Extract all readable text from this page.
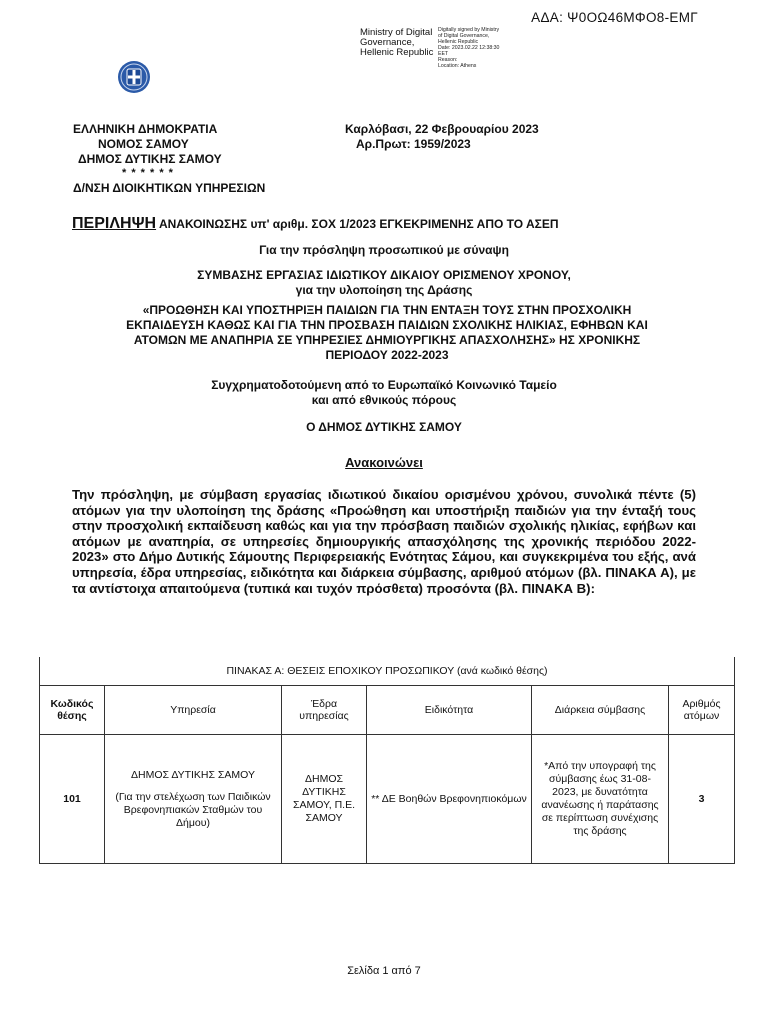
ΑΔΑ: Ψ0ΟΩ46ΜΦΟ8-ΕΜΓ
Ministry of Digital
Governance,
Hellenic Republic
Digitally signed by Ministry
of Digital Governance,
Hellenic Republic
Date: 2023.02.22 12:38:30
EET
Reason:
Location: Athens
ΕΛΛΗΝΙΚΗ ΔΗΜΟΚΡΑΤΙΑ
ΝΟΜΟΣ ΣΑΜΟΥ
ΔΗΜΟΣ ΔΥΤΙΚΗΣ ΣΑΜΟΥ
* * * * * *
Δ/ΝΣΗ ΔΙΟΙΚΗΤΙΚΩΝ ΥΠΗΡΕΣΙΩΝ
Καρλόβασι, 22 Φεβρουαρίου 2023
Αρ.Πρωτ: 1959/2023
ΠΕΡΙΛΗΨΗ ΑΝΑΚΟΙΝΩΣΗΣ υπ' αριθμ. ΣΟΧ 1/2023 ΕΓΚΕΚΡΙΜΕΝΗΣ ΑΠΟ ΤΟ ΑΣΕΠ
Για την πρόσληψη προσωπικού με σύναψη
ΣΥΜΒΑΣΗΣ ΕΡΓΑΣΙΑΣ ΙΔΙΩΤΙΚΟΥ ΔΙΚΑΙΟΥ ΟΡΙΣΜΕΝΟΥ ΧΡΟΝΟΥ,
για την υλοποίηση της Δράσης
«ΠΡΟΩΘΗΣΗ ΚΑΙ ΥΠΟΣΤΗΡΙΞΗ ΠΑΙΔΙΩΝ ΓΙΑ ΤΗΝ ΕΝΤΑΞΗ ΤΟΥΣ ΣΤΗΝ ΠΡΟΣΧΟΛΙΚΗ
ΕΚΠΑΙΔΕΥΣΗ ΚΑΘΩΣ ΚΑΙ ΓΙΑ ΤΗΝ ΠΡΟΣΒΑΣΗ ΠΑΙΔΙΩΝ ΣΧΟΛΙΚΗΣ ΗΛΙΚΙΑΣ, ΕΦΗΒΩΝ ΚΑΙ
ΑΤΟΜΩΝ ΜΕ ΑΝΑΠΗΡΙΑ ΣΕ ΥΠΗΡΕΣΙΕΣ ΔΗΜΙΟΥΡΓΙΚΗΣ ΑΠΑΣΧΟΛΗΣΗΣ» ΗΣ ΧΡΟΝΙΚΗΣ
ΠΕΡΙΟΔΟΥ 2022-2023
Συγχρηματοδοτούμενη από το Ευρωπαϊκό Κοινωνικό Ταμείο
και από εθνικούς πόρους
Ο ΔΗΜΟΣ ΔΥΤΙΚΗΣ ΣΑΜΟΥ
Ανακοινώνει
Την πρόσληψη, με σύμβαση εργασίας ιδιωτικού δικαίου ορισμένου χρόνου, συνολικά πέντε (5) ατόμων για την υλοποίηση της δράσης «Προώθηση και υποστήριξη παιδιών για την ένταξή τους στην προσχολική εκπαίδευση καθώς και για την πρόσβαση παιδιών σχολικής ηλικίας, εφήβων και ατόμων με αναπηρία, σε υπηρεσίες δημιουργικής απασχόλησης της χρονικής περιόδου 2022-2023» στο Δήμο Δυτικής Σάμουτης Περιφερειακής Ενότητας Σάμου, και συγκεκριμένα του εξής, ανά υπηρεσία, έδρα υπηρεσίας, ειδικότητα και διάρκεια σύμβασης, αριθμού ατόμων (βλ. ΠΙΝΑΚΑ Α), με τα αντίστοιχα απαιτούμενα (τυπικά και τυχόν πρόσθετα) προσόντα (βλ. ΠΙΝΑΚΑ Β):
ΠΙΝΑΚΑΣ Α: ΘΕΣΕΙΣ ΕΠΟΧΙΚΟΥ ΠΡΟΣΩΠΙΚΟΥ (ανά κωδικό θέσης)					
Κωδικός θέσης	Υπηρεσία	Έδρα υπηρεσίας	Ειδικότητα	Διάρκεια σύμβασης	Αριθμός ατόμων
101	ΔΗΜΟΣ ΔΥΤΙΚΗΣ ΣΑΜΟΥ
(Για την στελέχωση των Παιδικών Βρεφονηπιακών Σταθμών του Δήμου)	ΔΗΜΟΣ ΔΥΤΙΚΗΣ ΣΑΜΟΥ, Π.Ε. ΣΑΜΟΥ	** ΔΕ Βοηθών Βρεφονηπιοκόμων	*Από την υπογραφή της σύμβασης έως 31-08-2023, με δυνατότητα ανανέωσης ή παράτασης σε περίπτωση συνέχισης της δράσης	3
Σελίδα 1 από 7
